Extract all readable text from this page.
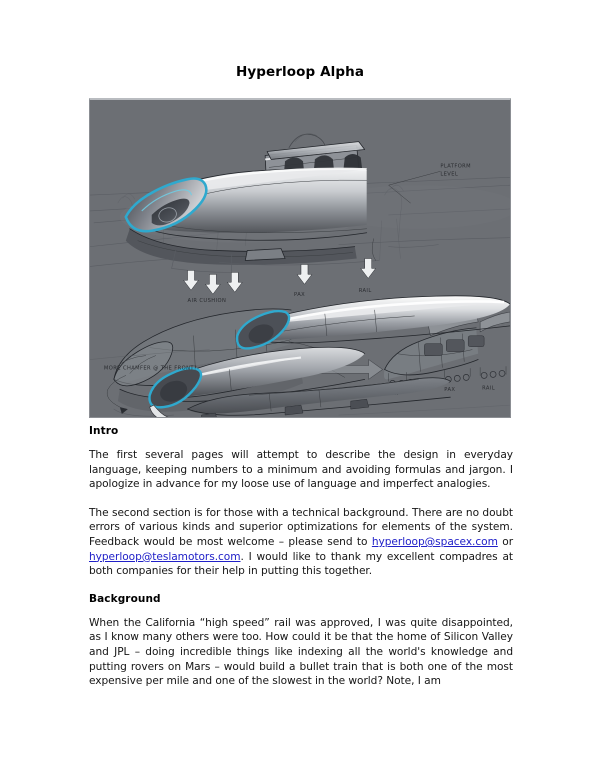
Hyperloop Alpha
PLATFORM
LEVEL
AIR CUSHION
PAX
RAIL
PAX	RAIL
MORE CHAMFER @ THE FRONT?
Intro

The first several pages will attempt to describe the design in everyday language, keeping numbers to a minimum and avoiding formulas and jargon. I apologize in advance for my loose use of language and imperfect analogies.

The second section is for those with a technical background. There are no doubt errors of various kinds and superior optimizations for elements of the system. Feedback would be most welcome – please send to hyperloop@spacex.com or hyperloop@teslamotors.com. I would like to thank my excellent compadres at both companies for their help in putting this together.

Background

When the California “high speed” rail was approved, I was quite disappointed, as I know many others were too. How could it be that the home of Silicon Valley and JPL – doing incredible things like indexing all the world's knowledge and putting rovers on Mars – would build a bullet train that is both one of the most expensive per mile and one of the slowest in the world? Note, I am
